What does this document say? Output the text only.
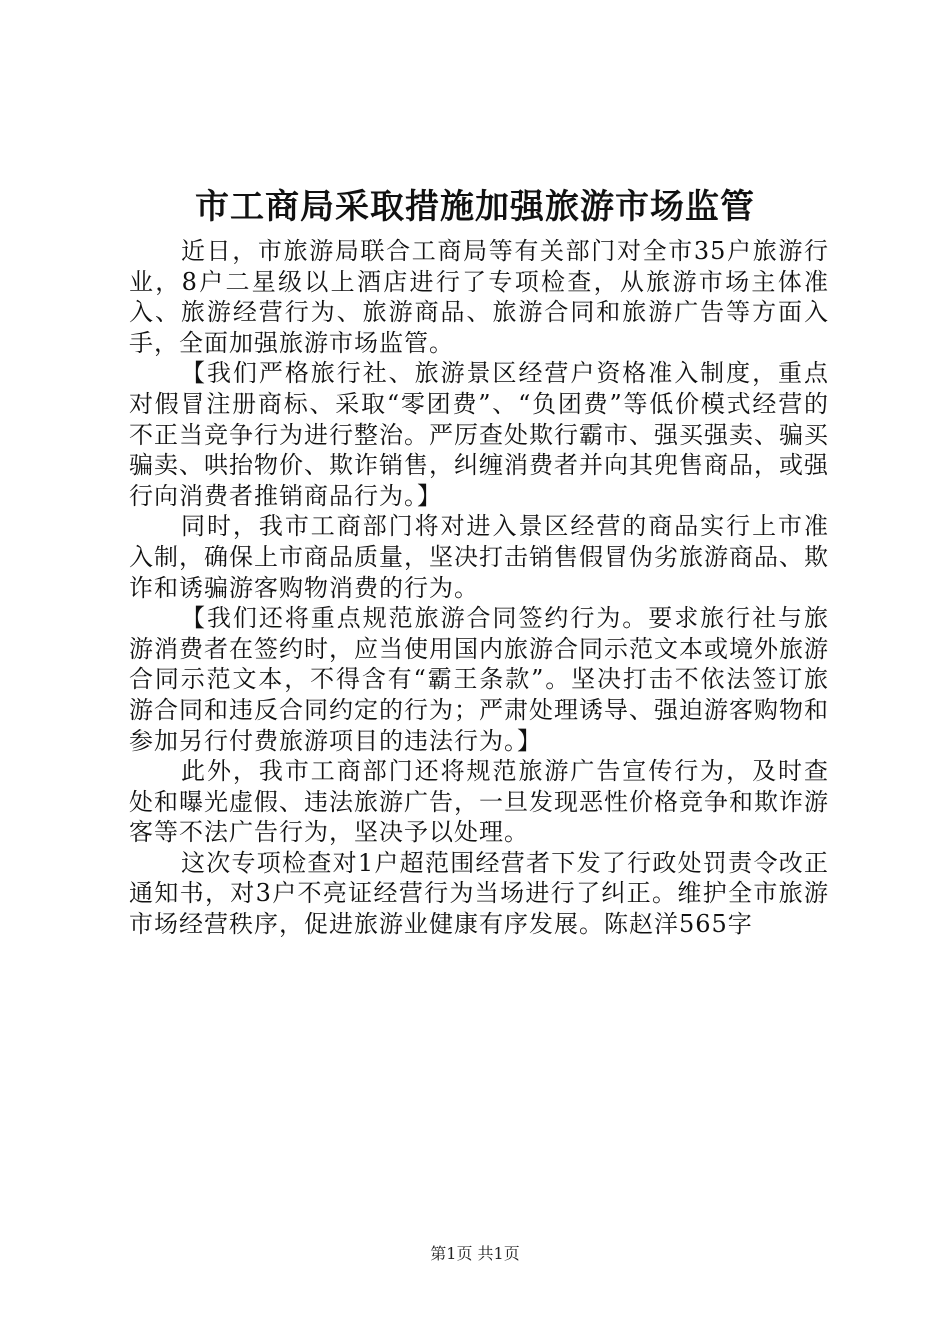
市工商局采取措施加强旅游市场监管

近日，市旅游局联合工商局等有关部门对全市35户旅游行业，8户二星级以上酒店进行了专项检查，从旅游市场主体准入、旅游经营行为、旅游商品、旅游合同和旅游广告等方面入手，全面加强旅游市场监管。

【我们严格旅行社、旅游景区经营户资格准入制度，重点对假冒注册商标、采取“零团费”、“负团费”等低价模式经营的不正当竞争行为进行整治。严厉查处欺行霸市、强买强卖、骗买骗卖、哄抬物价、欺诈销售，纠缠消费者并向其兜售商品，或强行向消费者推销商品行为。】

同时，我市工商部门将对进入景区经营的商品实行上市准入制，确保上市商品质量，坚决打击销售假冒伪劣旅游商品、欺诈和诱骗游客购物消费的行为。

【我们还将重点规范旅游合同签约行为。要求旅行社与旅游消费者在签约时，应当使用国内旅游合同示范文本或境外旅游合同示范文本，不得含有“霸王条款”。坚决打击不依法签订旅游合同和违反合同约定的行为；严肃处理诱导、强迫游客购物和参加另行付费旅游项目的违法行为。】

此外，我市工商部门还将规范旅游广告宣传行为，及时查处和曝光虚假、违法旅游广告，一旦发现恶性价格竞争和欺诈游客等不法广告行为，坚决予以处理。

这次专项检查对1户超范围经营者下发了行政处罚责令改正通知书，对3户不亮证经营行为当场进行了纠正。维护全市旅游市场经营秩序，促进旅游业健康有序发展。陈赵洋565字

第1页 共1页
